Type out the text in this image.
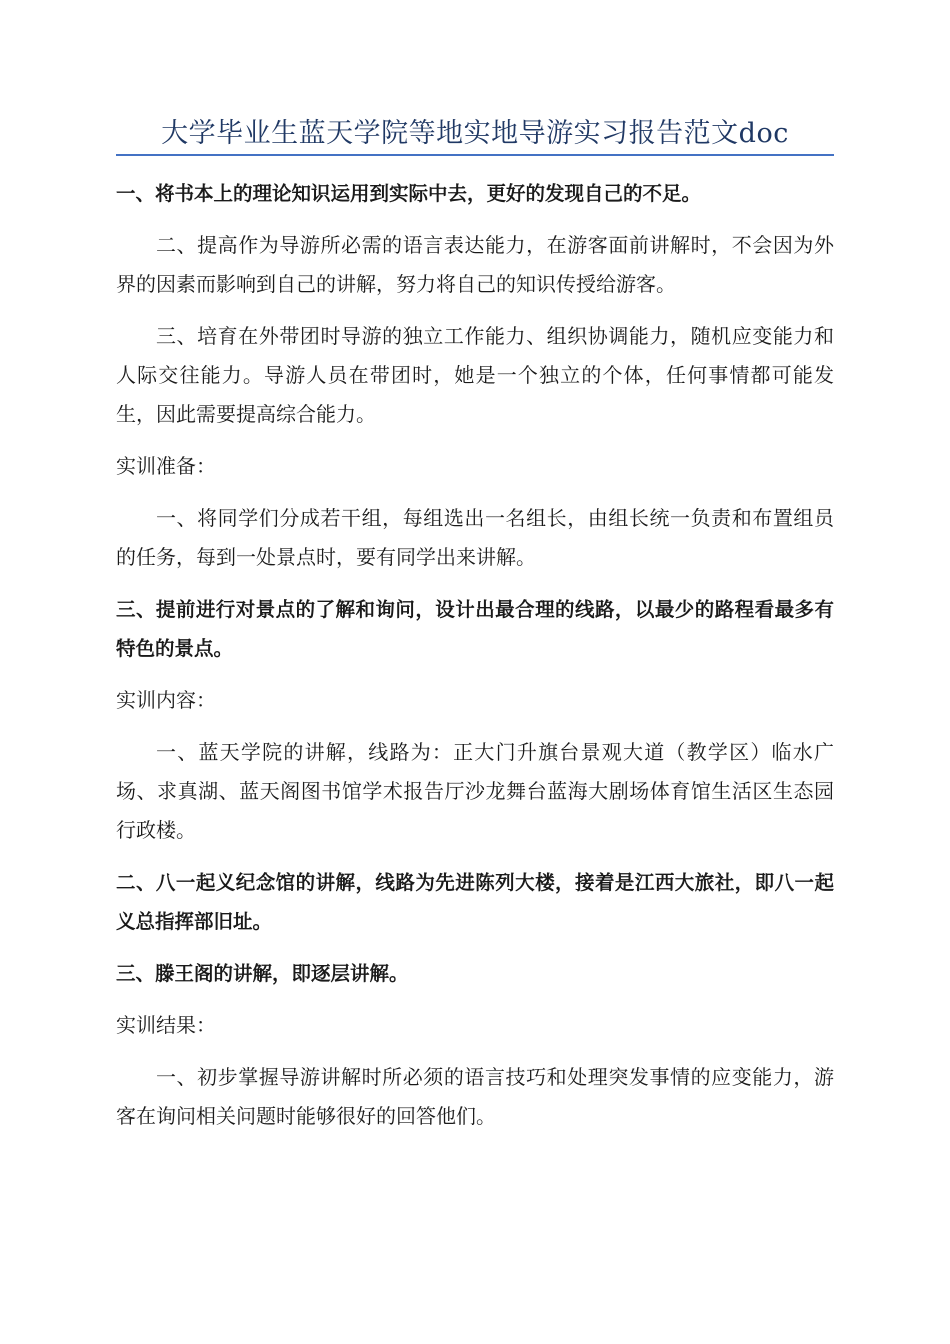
大学毕业生蓝天学院等地实地导游实习报告范文doc

一、将书本上的理论知识运用到实际中去，更好的发现自己的不足。

二、提高作为导游所必需的语言表达能力，在游客面前讲解时，不会因为外界的因素而影响到自己的讲解，努力将自己的知识传授给游客。

三、培育在外带团时导游的独立工作能力、组织协调能力，随机应变能力和人际交往能力。导游人员在带团时，她是一个独立的个体，任何事情都可能发生，因此需要提高综合能力。

实训准备：

一、将同学们分成若干组，每组选出一名组长，由组长统一负责和布置组员的任务，每到一处景点时，要有同学出来讲解。

三、提前进行对景点的了解和询问，设计出最合理的线路，以最少的路程看最多有特色的景点。

实训内容：

一、蓝天学院的讲解，线路为：正大门升旗台景观大道（教学区）临水广场、求真湖、蓝天阁图书馆学术报告厅沙龙舞台蓝海大剧场体育馆生活区生态园行政楼。

二、八一起义纪念馆的讲解，线路为先进陈列大楼，接着是江西大旅社，即八一起义总指挥部旧址。

三、滕王阁的讲解，即逐层讲解。

实训结果：

一、初步掌握导游讲解时所必须的语言技巧和处理突发事情的应变能力，游客在询问相关问题时能够很好的回答他们。
